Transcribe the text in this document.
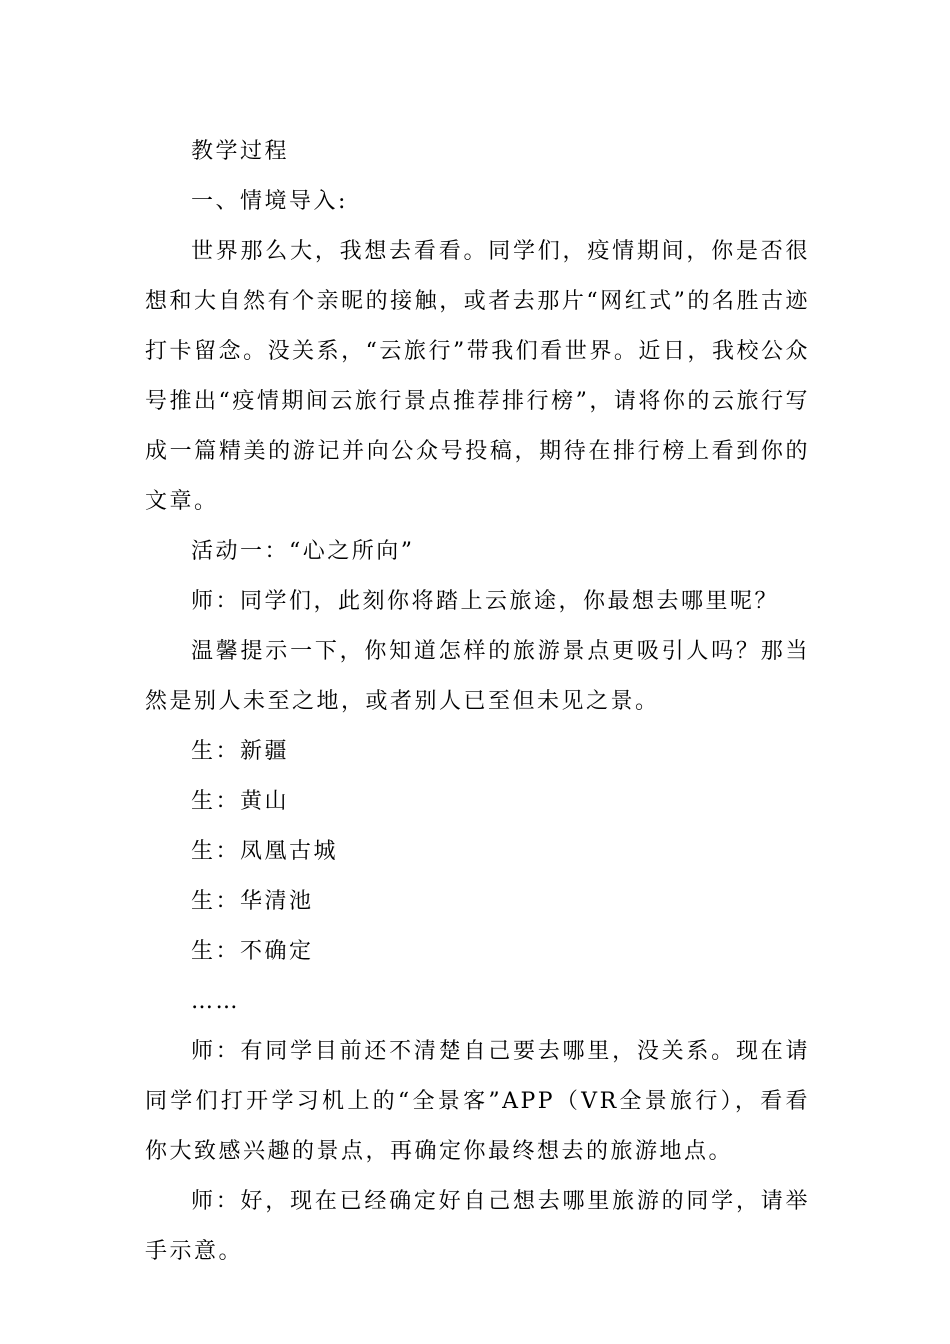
教学过程

一、情境导入:

世界那么大，我想去看看。同学们，疫情期间，你是否很想和大自然有个亲昵的接触，或者去那片“网红式”的名胜古迹打卡留念。没关系，“云旅行”带我们看世界。近日，我校公众号推出“疫情期间云旅行景点推荐排行榜”，请将你的云旅行写成一篇精美的游记并向公众号投稿，期待在排行榜上看到你的文章。

活动一：“心之所向”

师：同学们，此刻你将踏上云旅途，你最想去哪里呢？

温馨提示一下，你知道怎样的旅游景点更吸引人吗？那当然是别人未至之地，或者别人已至但未见之景。

生：新疆

生：黄山

生：凤凰古城

生：华清池

生：不确定

……

师：有同学目前还不清楚自己要去哪里，没关系。现在请同学们打开学习机上的“全景客”APP（VR全景旅行），看看你大致感兴趣的景点，再确定你最终想去的旅游地点。

师：好，现在已经确定好自己想去哪里旅游的同学，请举手示意。
